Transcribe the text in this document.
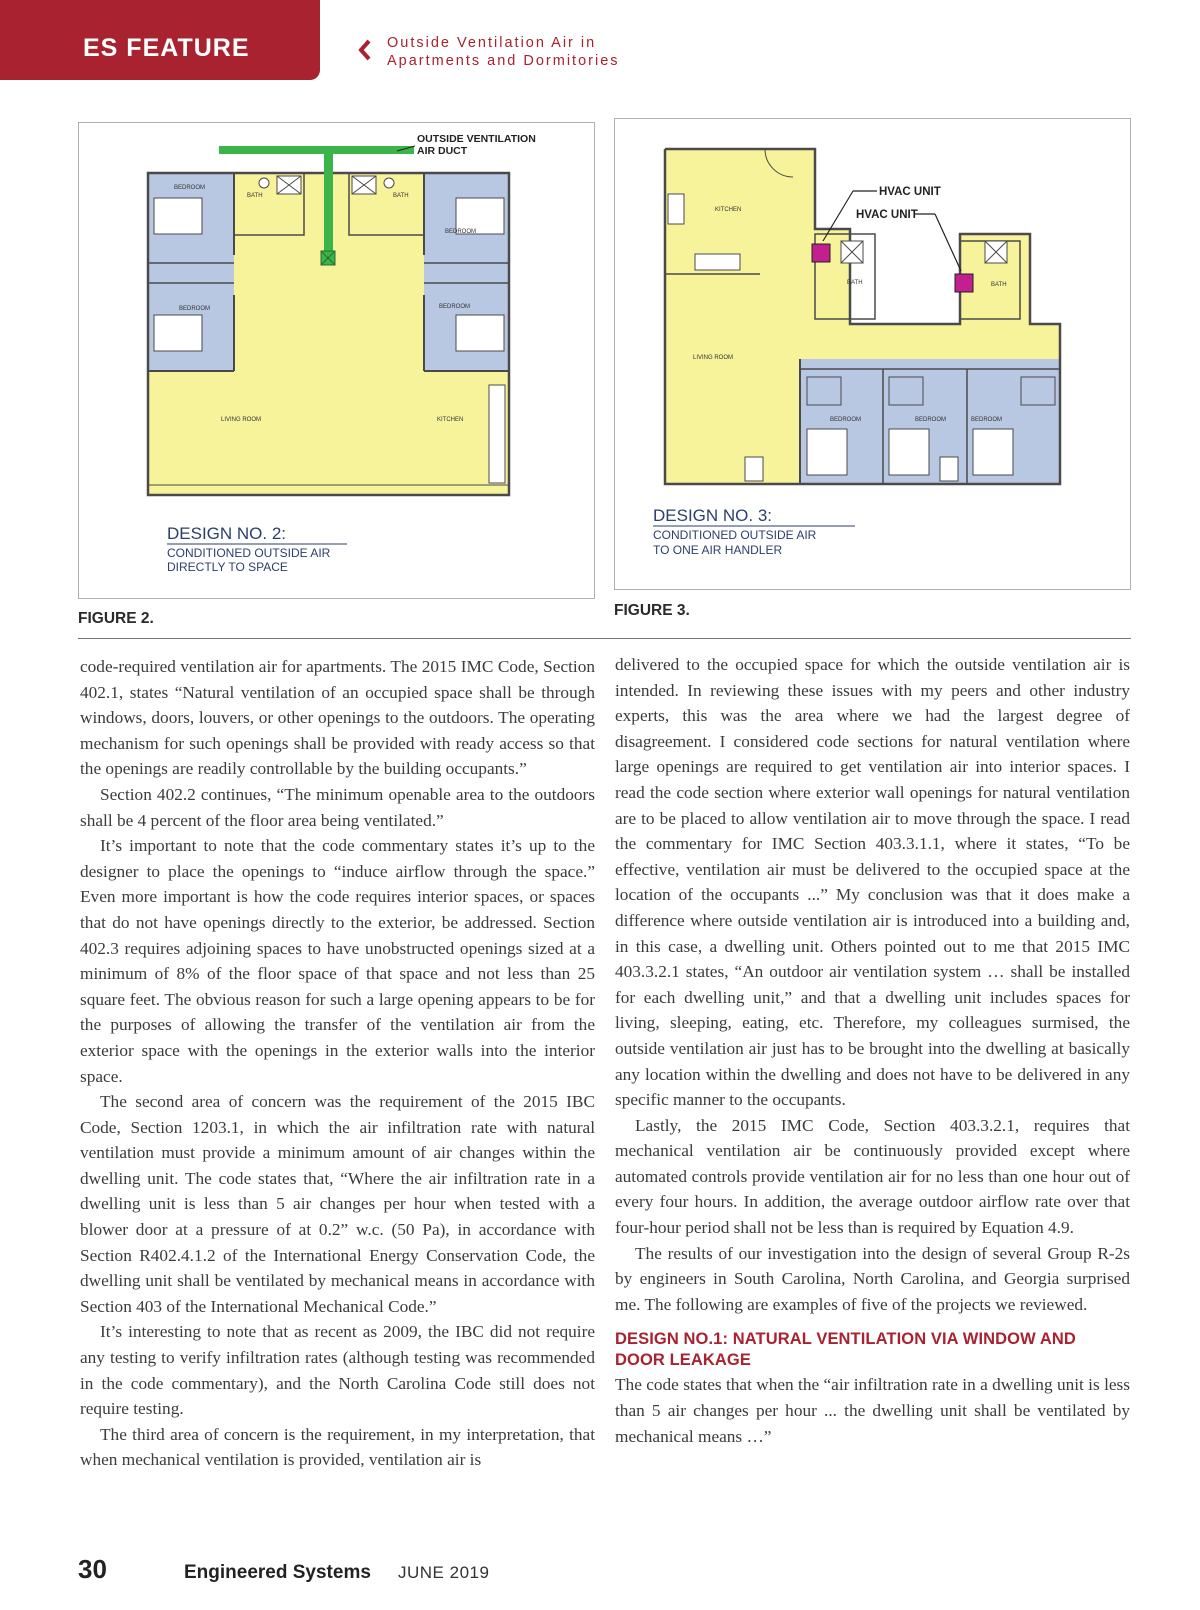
ES FEATURE	Outside Ventilation Air in
Apartments and Dormitories
OUTSIDE VENTILATION
AIR DUCT
BEDROOM
BATH	BATH
BEDROOM
BEDROOM	BEDROOM
LIVING ROOM	KITCHEN
DESIGN NO. 2:
CONDITIONED OUTSIDE AIR
DIRECTLY TO SPACE
FIGURE 2.
HVAC UNIT
HVAC UNIT
KITCHEN
BATH	BATH
LIVING ROOM
BEDROOM	BEDROOM	BEDROOM
DESIGN NO. 3:
CONDITIONED OUTSIDE AIR
TO ONE AIR HANDLER
FIGURE 3.

code-required ventilation air for apartments. The 2015 IMC Code, Section 402.1, states “Natural ventilation of an occupied space shall be through windows, doors, louvers, or other openings to the outdoors. The operating mechanism for such openings shall be provided with ready access so that the openings are readily controllable by the building occupants.”

Section 402.2 continues, “The minimum openable area to the outdoors shall be 4 percent of the floor area being ventilated.”

It’s important to note that the code commentary states it’s up to the designer to place the openings to “induce airflow through the space.” Even more important is how the code requires interior spaces, or spaces that do not have openings directly to the exterior, be addressed. Section 402.3 requires adjoining spaces to have unobstructed openings sized at a minimum of 8% of the floor space of that space and not less than 25 square feet. The obvious reason for such a large opening appears to be for the purposes of allowing the transfer of the ventilation air from the exterior space with the openings in the exterior walls into the interior space.

The second area of concern was the requirement of the 2015 IBC Code, Section 1203.1, in which the air infiltration rate with natural ventilation must provide a minimum amount of air changes within the dwelling unit. The code states that, “Where the air infiltration rate in a dwelling unit is less than 5 air changes per hour when tested with a blower door at a pressure of at 0.2” w.c. (50 Pa), in accordance with Section R402.4.1.2 of the International Energy Conservation Code, the dwelling unit shall be ventilated by mechanical means in accordance with Section 403 of the International Mechanical Code.”

It’s interesting to note that as recent as 2009, the IBC did not require any testing to verify infiltration rates (although testing was recommended in the code commentary), and the North Carolina Code still does not require testing.

The third area of concern is the requirement, in my interpretation, that when mechanical ventilation is provided, ventilation air is

delivered to the occupied space for which the outside ventilation air is intended. In reviewing these issues with my peers and other industry experts, this was the area where we had the largest degree of disagreement. I considered code sections for natural ventilation where large openings are required to get ventilation air into interior spaces. I read the code section where exterior wall openings for natural ventilation are to be placed to allow ventilation air to move through the space. I read the commentary for IMC Section 403.3.1.1, where it states, “To be effective, ventilation air must be delivered to the occupied space at the location of the occupants ...” My conclusion was that it does make a difference where outside ventilation air is introduced into a building and, in this case, a dwelling unit. Others pointed out to me that 2015 IMC 403.3.2.1 states, “An outdoor air ventilation system … shall be installed for each dwelling unit,” and that a dwelling unit includes spaces for living, sleeping, eating, etc. Therefore, my colleagues surmised, the outside ventilation air just has to be brought into the dwelling at basically any location within the dwelling and does not have to be delivered in any specific manner to the occupants.

Lastly, the 2015 IMC Code, Section 403.3.2.1, requires that mechanical ventilation air be continuously provided except where automated controls provide ventilation air for no less than one hour out of every four hours. In addition, the average outdoor airflow rate over that four-hour period shall not be less than is required by Equation 4.9.

The results of our investigation into the design of several Group R-2s by engineers in South Carolina, North Carolina, and Georgia surprised me. The following are examples of five of the projects we reviewed.

DESIGN NO.1: NATURAL VENTILATION VIA WINDOW AND DOOR LEAKAGE

The code states that when the “air infiltration rate in a dwelling unit is less than 5 air changes per hour ... the dwelling unit shall be ventilated by mechanical means …”

30	Engineered Systems JUNE 2019
